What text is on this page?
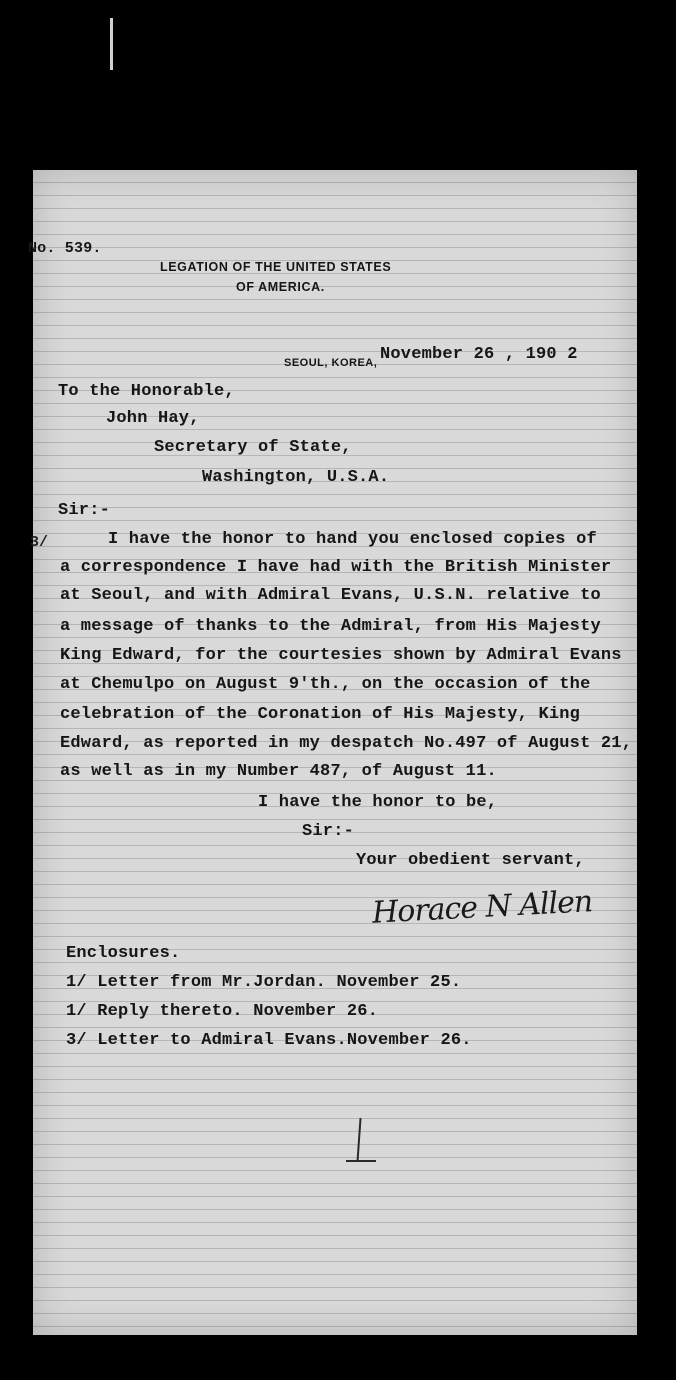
No. 539.
LEGATION OF THE UNITED STATES
OF AMERICA.
SEOUL, KOREA, November 26 , 190 2
To the Honorable,
John Hay,
Secretary of State,
Washington, U.S.A.
Sir:-
3/	I have the honor to hand you enclosed copies of
a correspondence I have had with the British Minister
at Seoul, and with Admiral Evans, U.S.N. relative to
a message of thanks to the Admiral, from His Majesty
King Edward, for the courtesies shown by Admiral Evans
at Chemulpo on August 9'th., on the occasion of the
celebration of the Coronation of His Majesty, King
Edward, as reported in my despatch No.497 of August 21,
as well as in my Number 487, of August 11.
I have the honor to be,
Sir:-
Your obedient servant,
Horace N Allen
Enclosures.
1/ Letter from Mr.Jordan. November 25.
1/ Reply thereto. November 26.
3/ Letter to Admiral Evans.November 26.
